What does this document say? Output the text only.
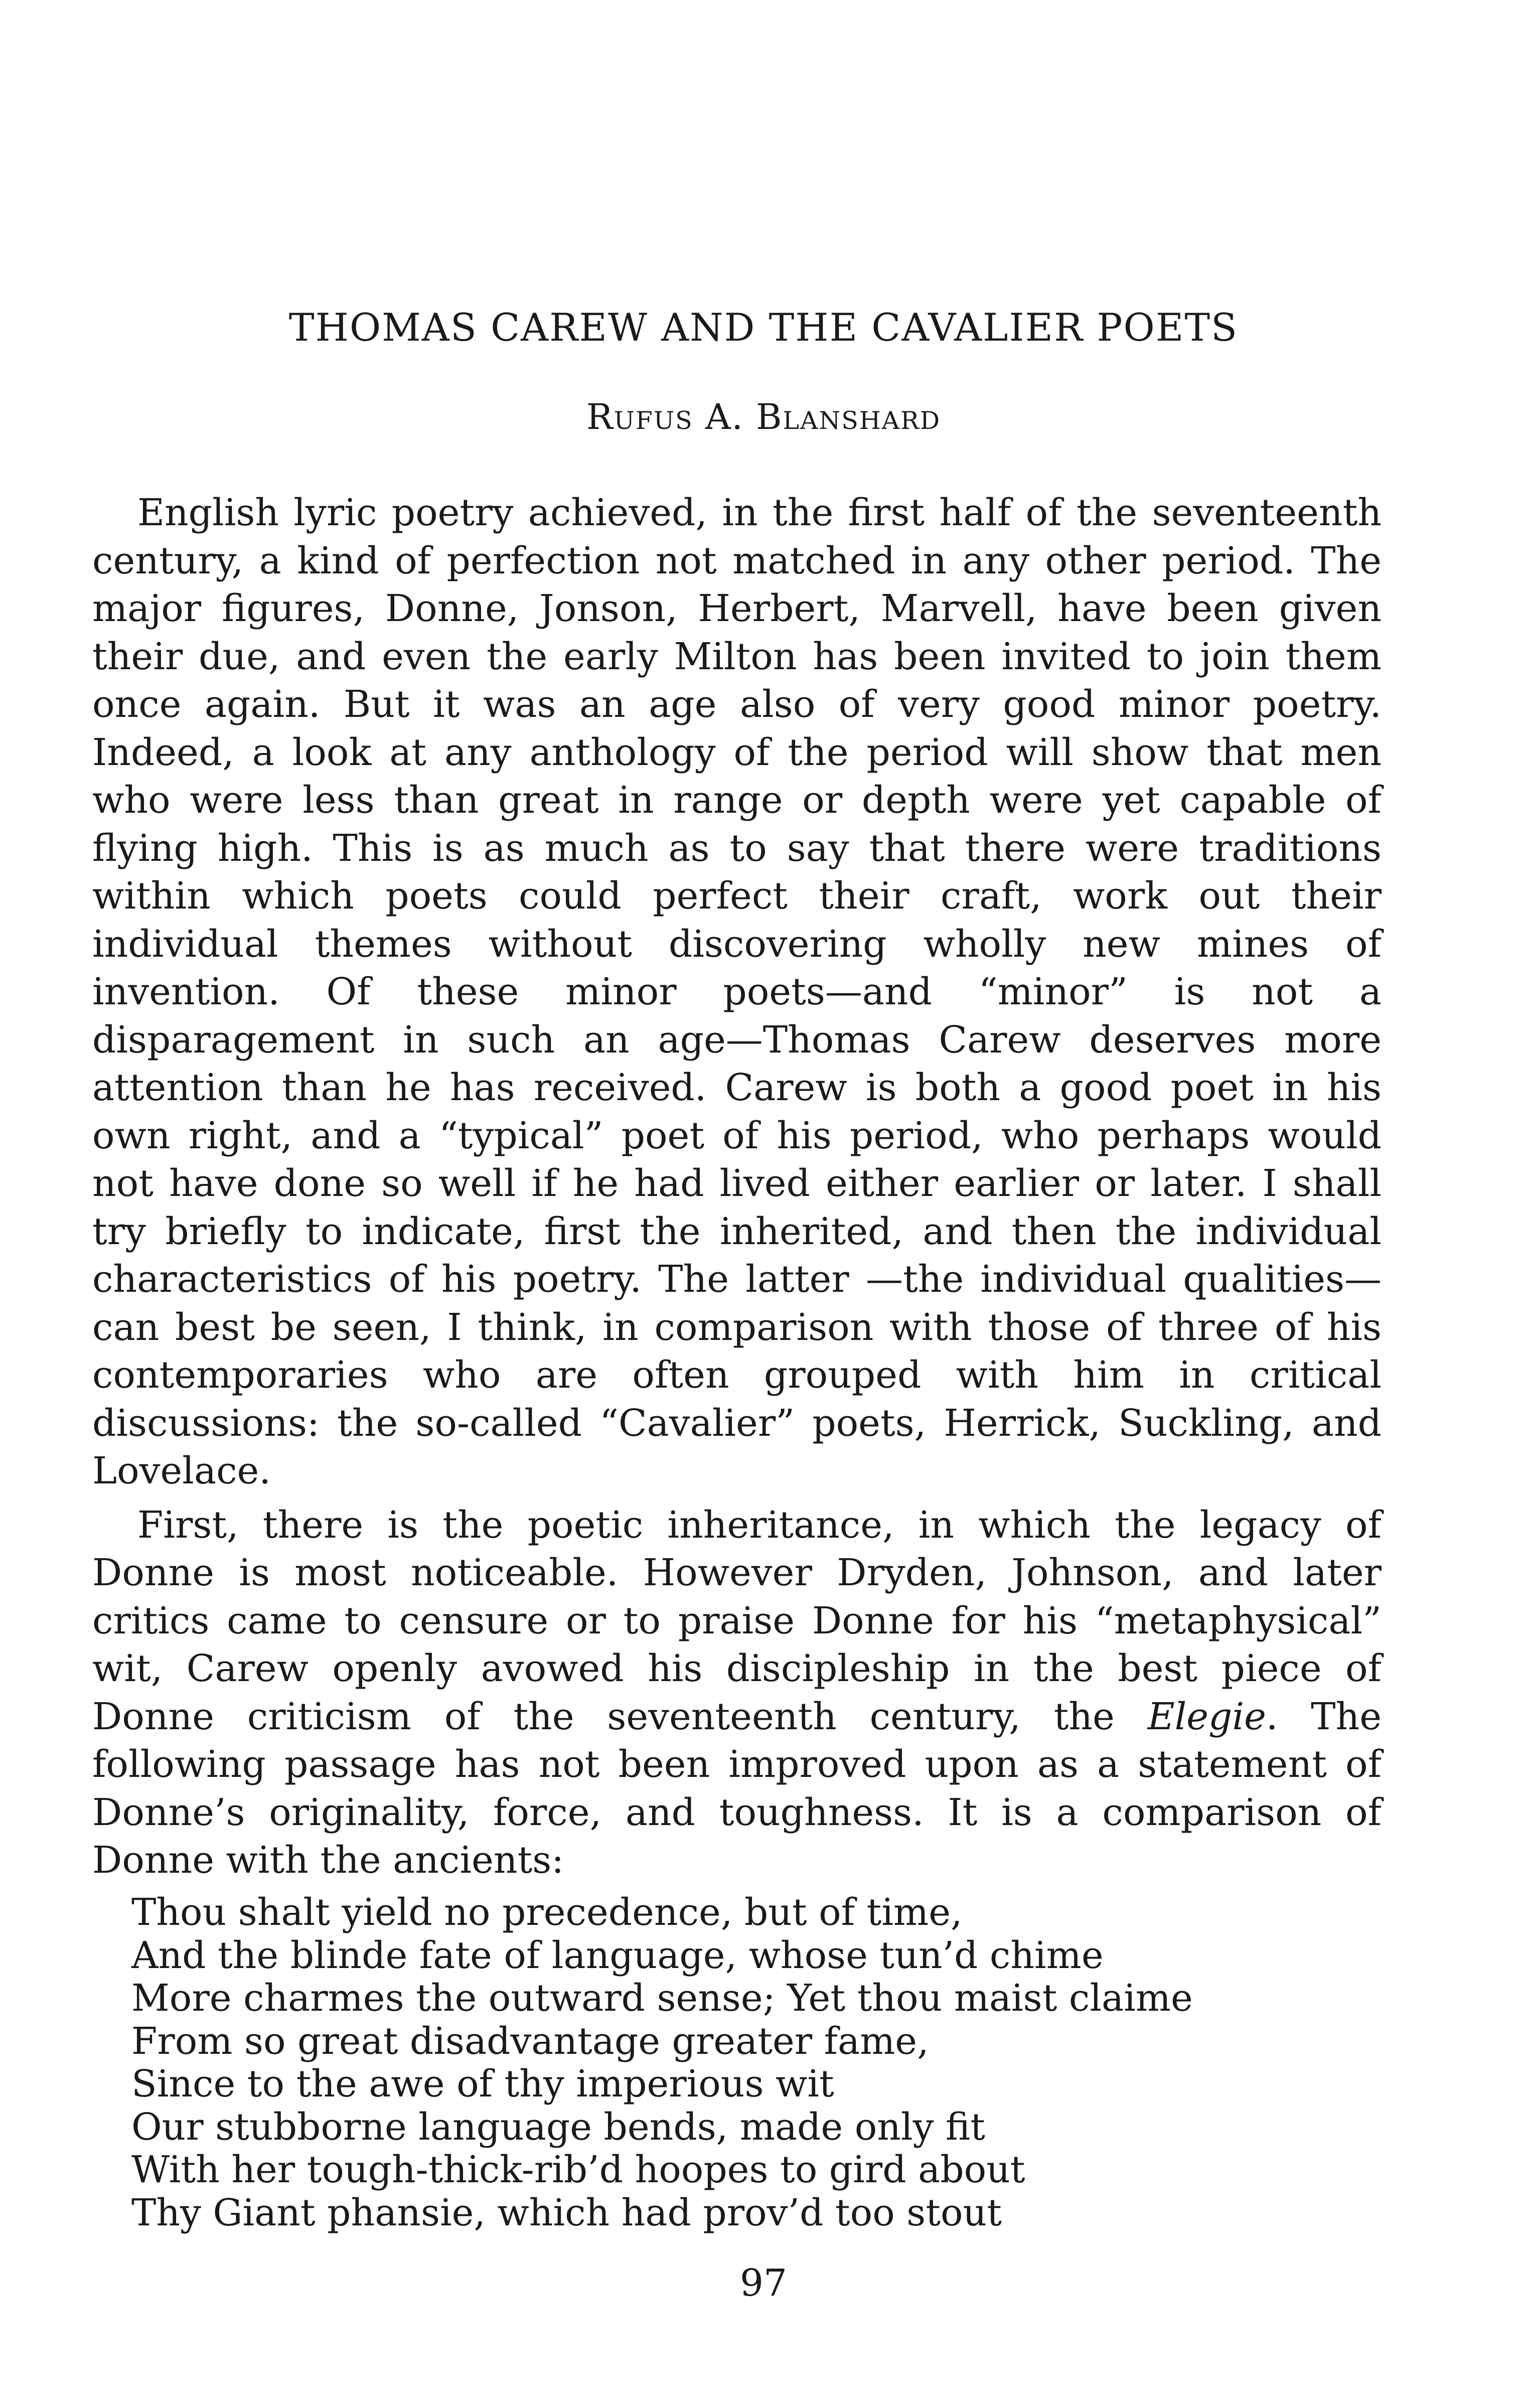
THOMAS CAREW AND THE CAVALIER POETS
Rufus A. Blanshard

English lyric poetry achieved, in the first half of the seventeenth century, a kind of perfection not matched in any other period. The major figures, Donne, Jonson, Herbert, Marvell, have been given their due, and even the early Milton has been invited to join them once again. But it was an age also of very good minor poetry. Indeed, a look at any anthology of the period will show that men who were less than great in range or depth were yet capable of flying high. This is as much as to say that there were traditions within which poets could perfect their craft, work out their individual themes without discovering wholly new mines of invention. Of these minor poets—and “minor” is not a disparagement in such an age—Thomas Carew deserves more attention than he has received. Carew is both a good poet in his own right, and a “typical” poet of his period, who perhaps would not have done so well if he had lived either earlier or later. I shall try briefly to indicate, first the inherited, and then the individual characteristics of his poetry. The latter —the individual qualities—can best be seen, I think, in comparison with those of three of his contemporaries who are often grouped with him in critical discussions: the so-called “Cavalier” poets, Herrick, Suckling, and Lovelace.

First, there is the poetic inheritance, in which the legacy of Donne is most noticeable. However Dryden, Johnson, and later critics came to censure or to praise Donne for his “metaphysical” wit, Carew openly avowed his discipleship in the best piece of Donne criticism of the seventeenth century, the Elegie. The following passage has not been improved upon as a statement of Donne’s originality, force, and toughness. It is a comparison of Donne with the ancients:

Thou shalt yield no precedence, but of time,
And the blinde fate of language, whose tun’d chime
More charmes the outward sense; Yet thou maist claime
From so great disadvantage greater fame,
Since to the awe of thy imperious wit
Our stubborne language bends, made only fit
With her tough-thick-rib’d hoopes to gird about
Thy Giant phansie, which had prov’d too stout
97
